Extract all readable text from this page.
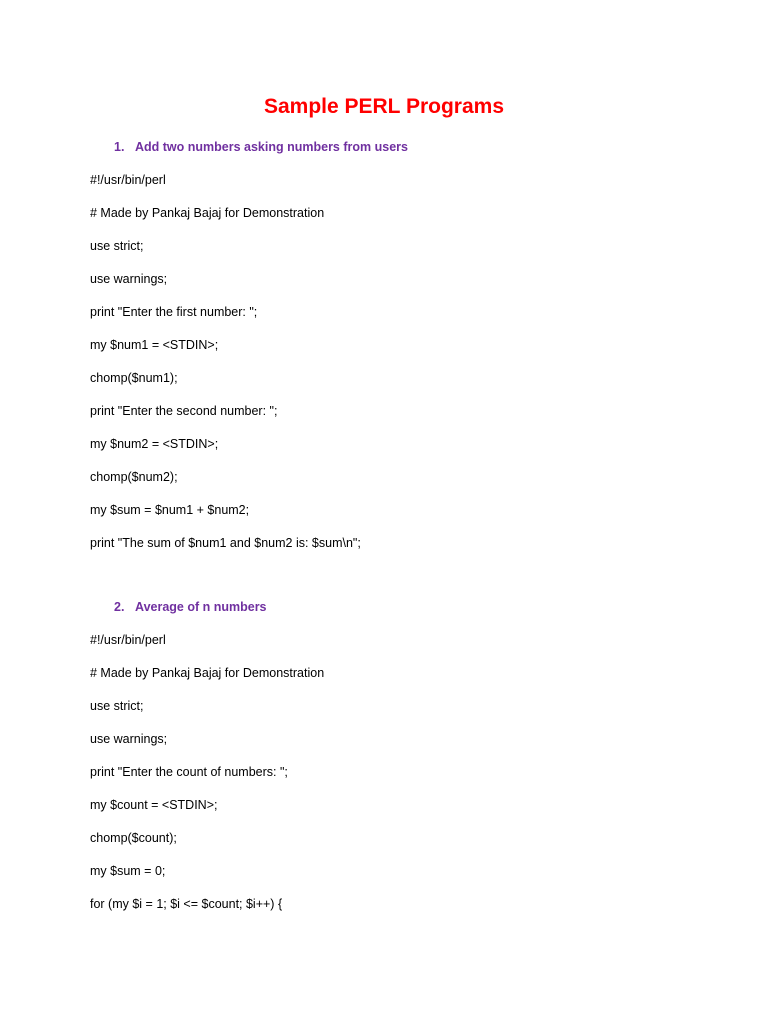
Sample PERL Programs
1. Add two numbers asking numbers from users
#!/usr/bin/perl
# Made by Pankaj Bajaj for Demonstration
use strict;
use warnings;
print "Enter the first number: ";
my $num1 = <STDIN>;
chomp($num1);
print "Enter the second number: ";
my $num2 = <STDIN>;
chomp($num2);
my $sum = $num1 + $num2;
print "The sum of $num1 and $num2 is: $sum\n";
2. Average of n numbers
#!/usr/bin/perl
# Made by Pankaj Bajaj for Demonstration
use strict;
use warnings;
print "Enter the count of numbers: ";
my $count = <STDIN>;
chomp($count);
my $sum = 0;
for (my $i = 1; $i <= $count; $i++) {
